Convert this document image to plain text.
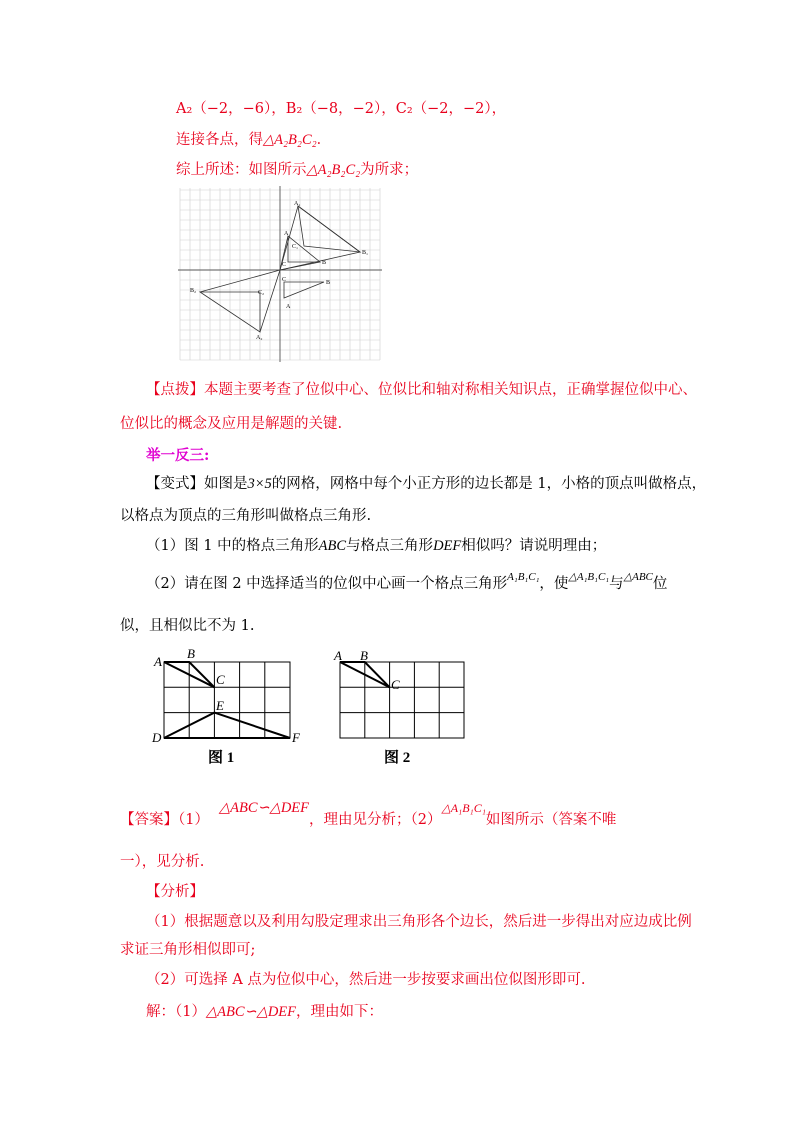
A₂（−2，−6），B₂（−8，−2），C₂（−2，−2），
连接各点，得△A₂B₂C₂．
综上所述：如图所示△A₂B₂C₂为所求；
A₁
B₁
C₁
A
B
C
C
A
B
B₂	C₂
A₂
【点拨】本题主要考查了位似中心、位似比和轴对称相关知识点，正确掌握位似中心、
位似比的概念及应用是解题的关键.
举一反三:
【变式】如图是3×5的网格，网格中每个小正方形的边长都是 1，小格的顶点叫做格点，
以格点为顶点的三角形叫做格点三角形.
（1）图 1 中的格点三角形ABC与格点三角形DEF相似吗？请说明理由；
（2）请在图 2 中选择适当的位似中心画一个格点三角形$^{A_1B_1C_1}$，使$^{\triangle A_1B_1C_1}$与$^{\triangle ABC}$位
似，且相似比不为 1.
A
B
C
D
E
F
A B
C
图 1	图 2
【答案】（1）△ABC∽△DEF，理由见分析；$(2)^{\triangle A_1B_1C_1}$如图所示（答案不唯
一），见分析.
【分析】
（1）根据题意以及利用勾股定理求出三角形各个边长，然后进一步得出对应边成比例
求证三角形相似即可;
（2）可选择 A 点为位似中心，然后进一步按要求画出位似图形即可.
解：（1）△ABC∽△DEF，理由如下：
